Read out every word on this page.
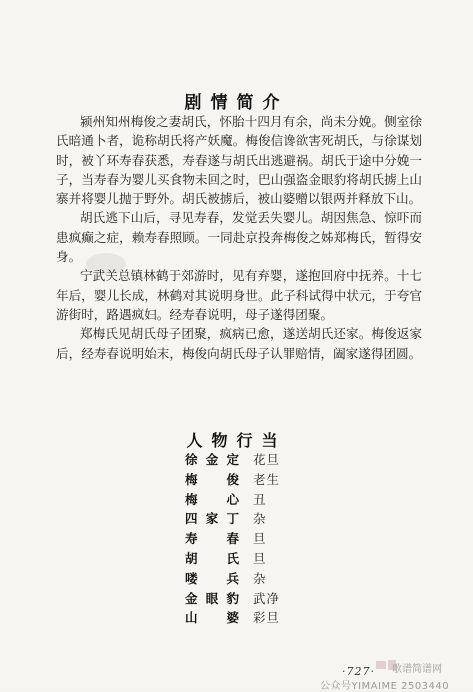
剧情简介

颍州知州梅俊之妻胡氏，怀胎十四月有余，尚未分娩。侧室徐氏暗通卜者，诡称胡氏将产妖魔。梅俊信谗欲害死胡氏，与徐谋划时，被丫环寿春获悉，寿春遂与胡氏出逃避祸。胡氏于途中分娩一子，当寿春为婴儿买食物未回之时，巴山强盗金眼豹将胡氏掳上山寨并将婴儿抛于野外。胡氏被掳后，被山婆赠以银两并释放下山。

胡氏逃下山后，寻见寿春，发觉丢失婴儿。胡因焦急、惊吓而患疯癫之症，赖寿春照顾。一同赴京投奔梅俊之姊郑梅氏，暂得安身。

宁武关总镇林鹤于郊游时，见有弃婴，遂抱回府中抚养。十七年后，婴儿长成，林鹤对其说明身世。此子科试得中状元，于夸官游街时，路遇疯妇。经寿春说明，母子遂得团聚。

郑梅氏见胡氏母子团聚，疯病已愈，遂送胡氏还家。梅俊返家后，经寿春说明始末，梅俊向胡氏母子认罪赔情，阖家遂得团圆。

人物行当
徐金定 花旦
梅俊 老生
梅心 丑
四家丁 杂
寿春 旦
胡氏 旦
喽兵 杂
金眼豹 武净
山婆 彩旦
·727· 歌谱简谱网
公众号YIMAIME 2503440
